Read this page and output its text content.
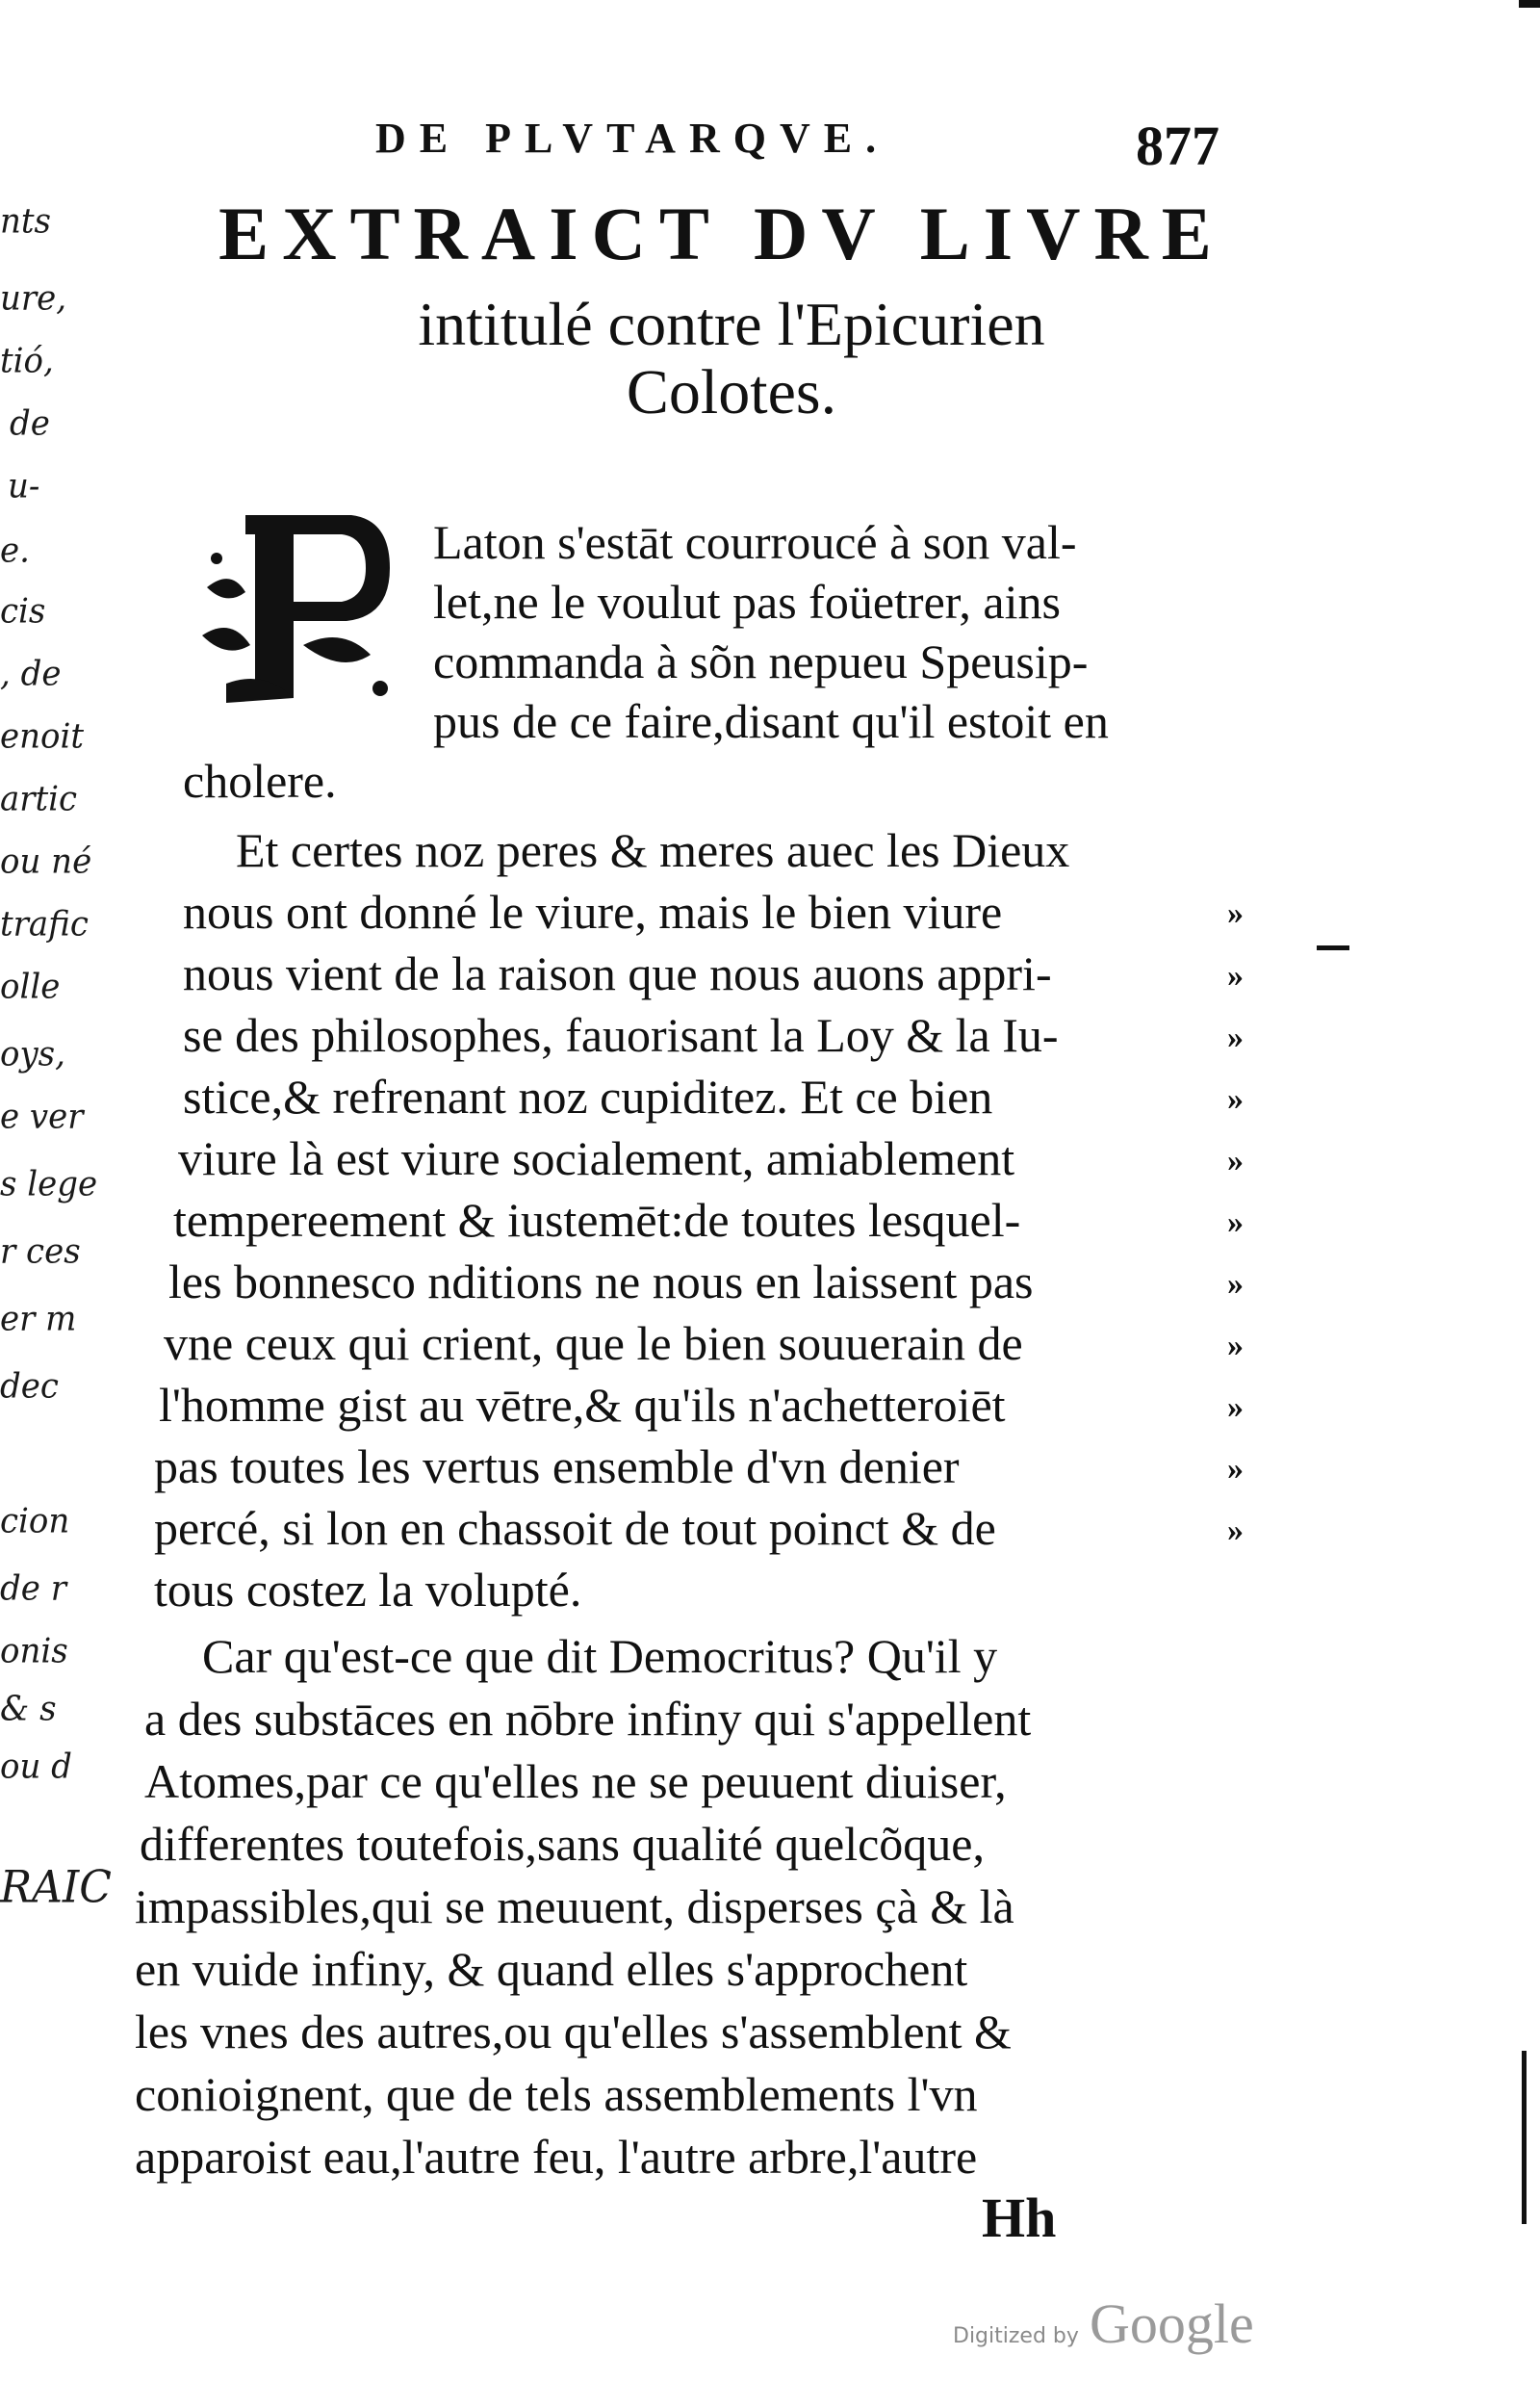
nts
ure,
tió,
de
u-
e.
cis
, de
enoit
artic
ou né
trafic
olle
oys,
e ver
s lege
r ces
er m
dec
cion
de r
onis
& s
ou d
RAIC
DE PLVTARQVE.	877
EXTRAICT DV LIVRE
intitulé contre l'Epicurien
Colotes.
Laton s'estāt courroucé à son val-
let,ne le voulut pas foüetrer, ains
commanda à sõn nepueu Speusip-
pus de ce faire,disant qu'il estoit en
cholere.
Et certes noz peres & meres auec les Dieux
nous ont donné le viure, mais le bien viure
nous vient de la raison que nous auons appri-
se des philosophes, fauorisant la Loy & la Iu-
stice,& refrenant noz cupiditez. Et ce bien
viure là est viure socialement, amiablement
tempereement & iustemēt:de toutes lesquel-
les bonnesco nditions ne nous en laissent pas
vne ceux qui crient, que le bien souuerain de
l'homme gist au vētre,& qu'ils n'achetteroiēt
pas toutes les vertus ensemble d'vn denier
percé, si lon en chassoit de tout poinct & de
tous costez la volupté.
Car qu'est-ce que dit Democritus? Qu'il y
a des substāces en nōbre infiny qui s'appellent
Atomes,par ce qu'elles ne se peuuent diuiser,
differentes toutefois,sans qualité quelcõque,
impassibles,qui se meuuent, disperses çà & là
en vuide infiny, & quand elles s'approchent
les vnes des autres,ou qu'elles s'assemblent &
conioignent, que de tels assemblements l'vn
apparoist eau,l'autre feu, l'autre arbre,l'autre
»
»
»
»
»
»
»
»
»
»
»
Hh
Digitized by Google
